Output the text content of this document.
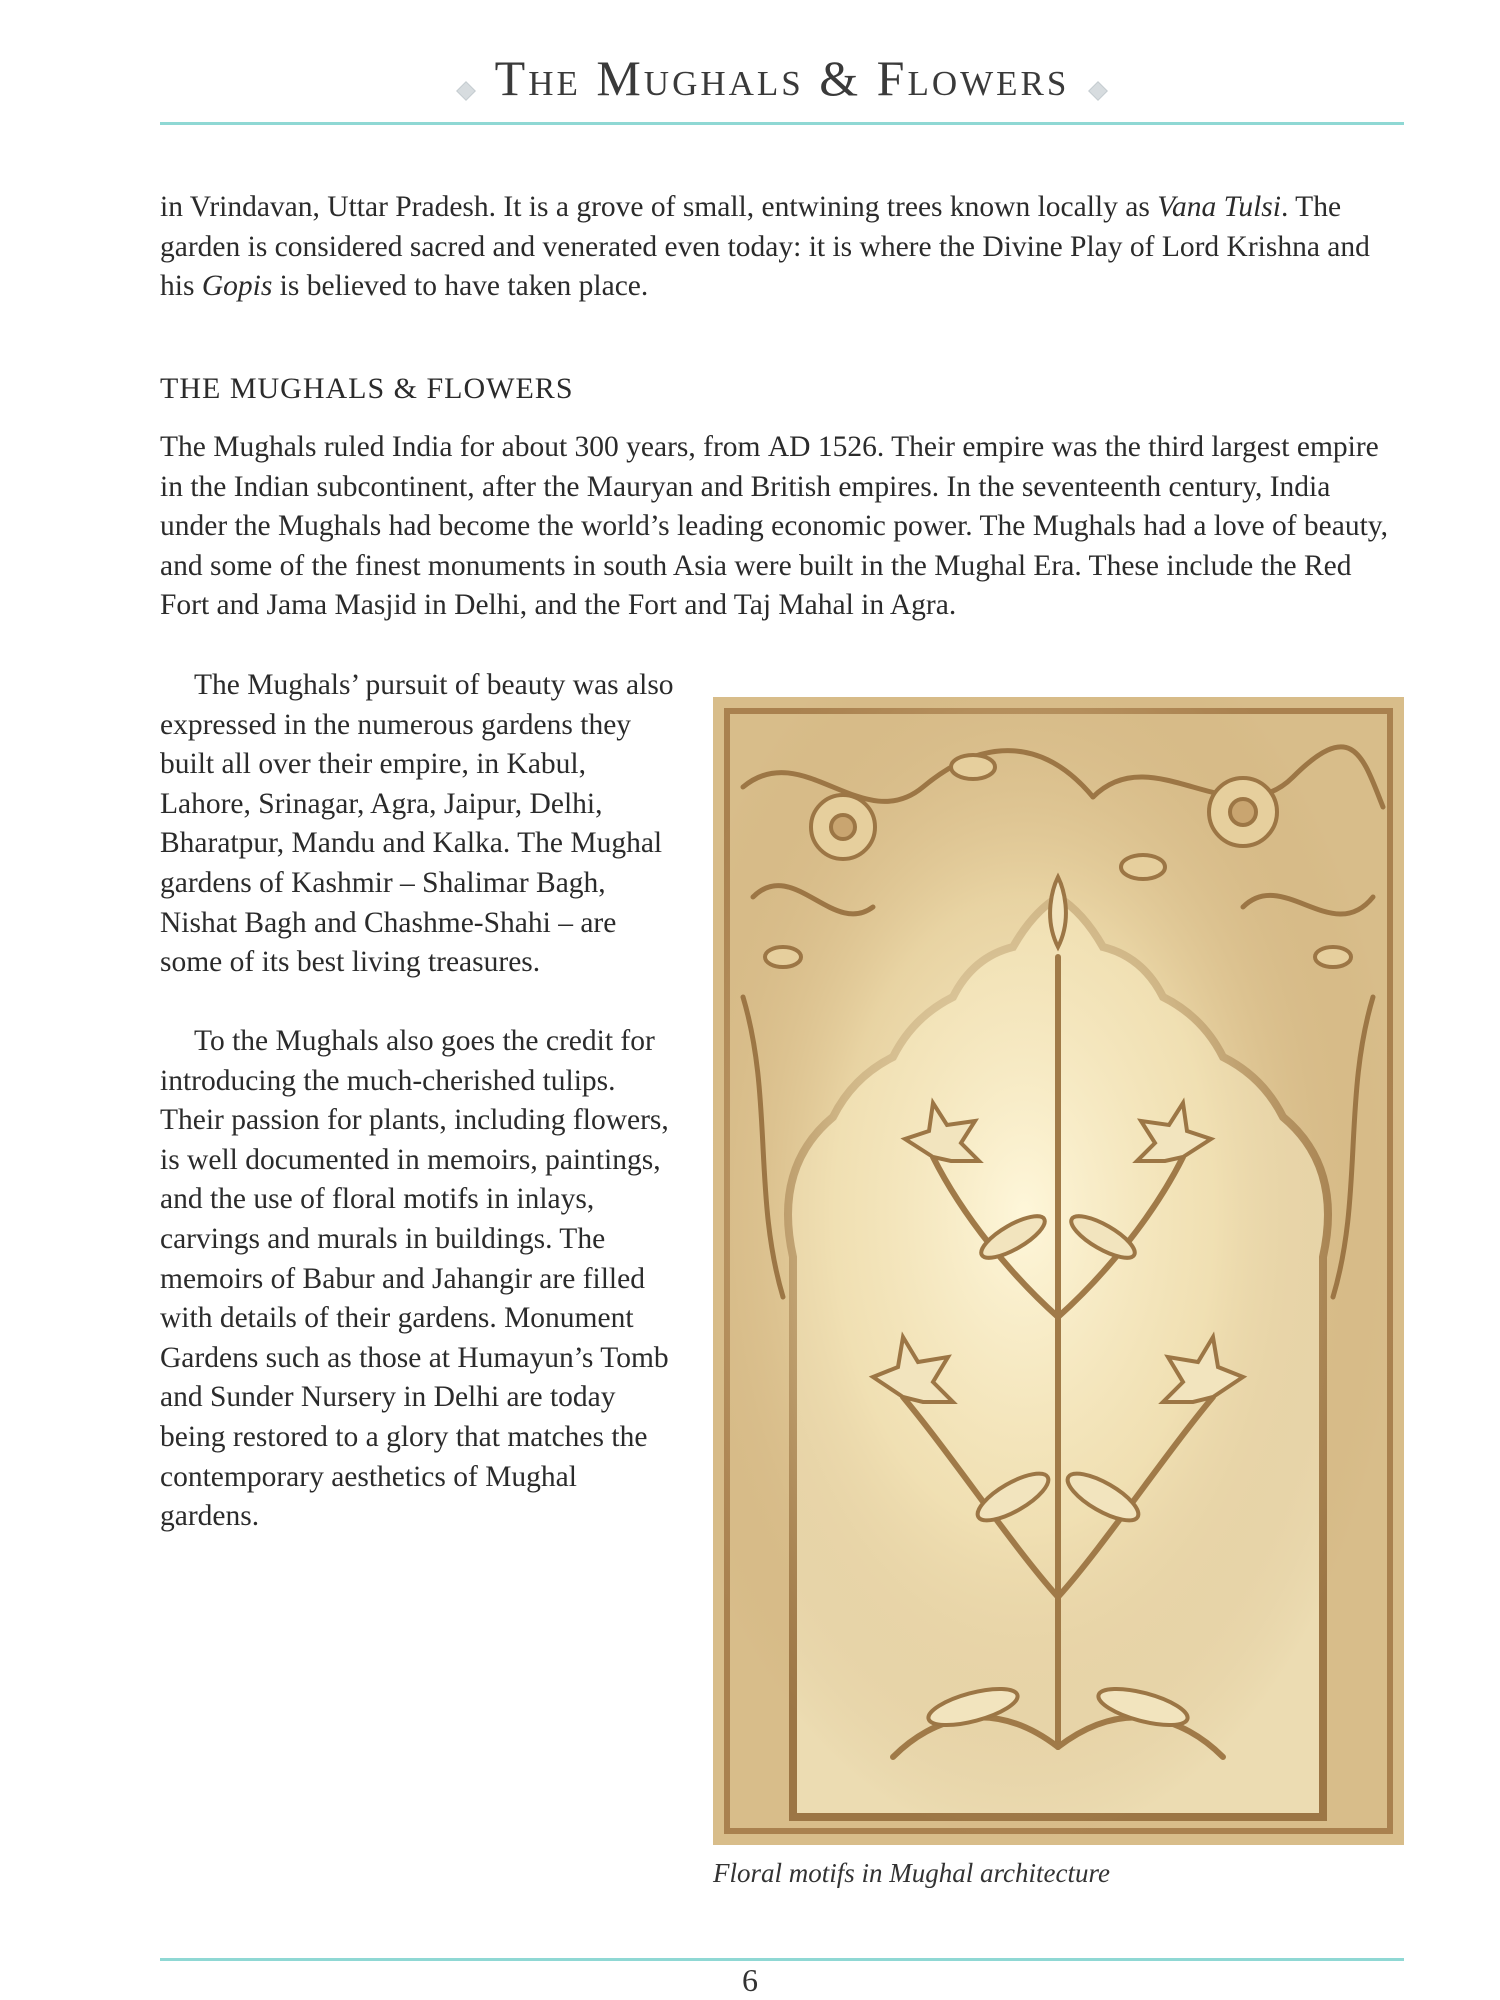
The Mughals & Flowers

in Vrindavan, Uttar Pradesh. It is a grove of small, entwining trees known locally as Vana Tulsi. The garden is considered sacred and venerated even today: it is where the Divine Play of Lord Krishna and his Gopis is believed to have taken place.

THE MUGHALS & FLOWERS

The Mughals ruled India for about 300 years, from AD 1526. Their empire was the third largest empire in the Indian subcontinent, after the Mauryan and British empires. In the seventeenth century, India under the Mughals had become the world’s leading economic power. The Mughals had a love of beauty, and some of the finest monuments in south Asia were built in the Mughal Era. These include the Red Fort and Jama Masjid in Delhi, and the Fort and Taj Mahal in Agra.

The Mughals’ pursuit of beauty was also expressed in the numerous gardens they built all over their empire, in Kabul, Lahore, Srinagar, Agra, Jaipur, Delhi, Bharatpur, Mandu and Kalka. The Mughal gardens of Kashmir – Shalimar Bagh, Nishat Bagh and Chashme-Shahi – are some of its best living treasures.

To the Mughals also goes the credit for introducing the much-cherished tulips. Their passion for plants, including flowers, is well documented in memoirs, paintings, and the use of floral motifs in inlays, carvings and murals in buildings. The memoirs of Babur and Jahangir are filled with details of their gardens. Monument Gardens such as those at Humayun’s Tomb and Sunder Nursery in Delhi are today being restored to a glory that matches the contemporary aesthetics of Mughal gardens.

Floral motifs in Mughal architecture
6
